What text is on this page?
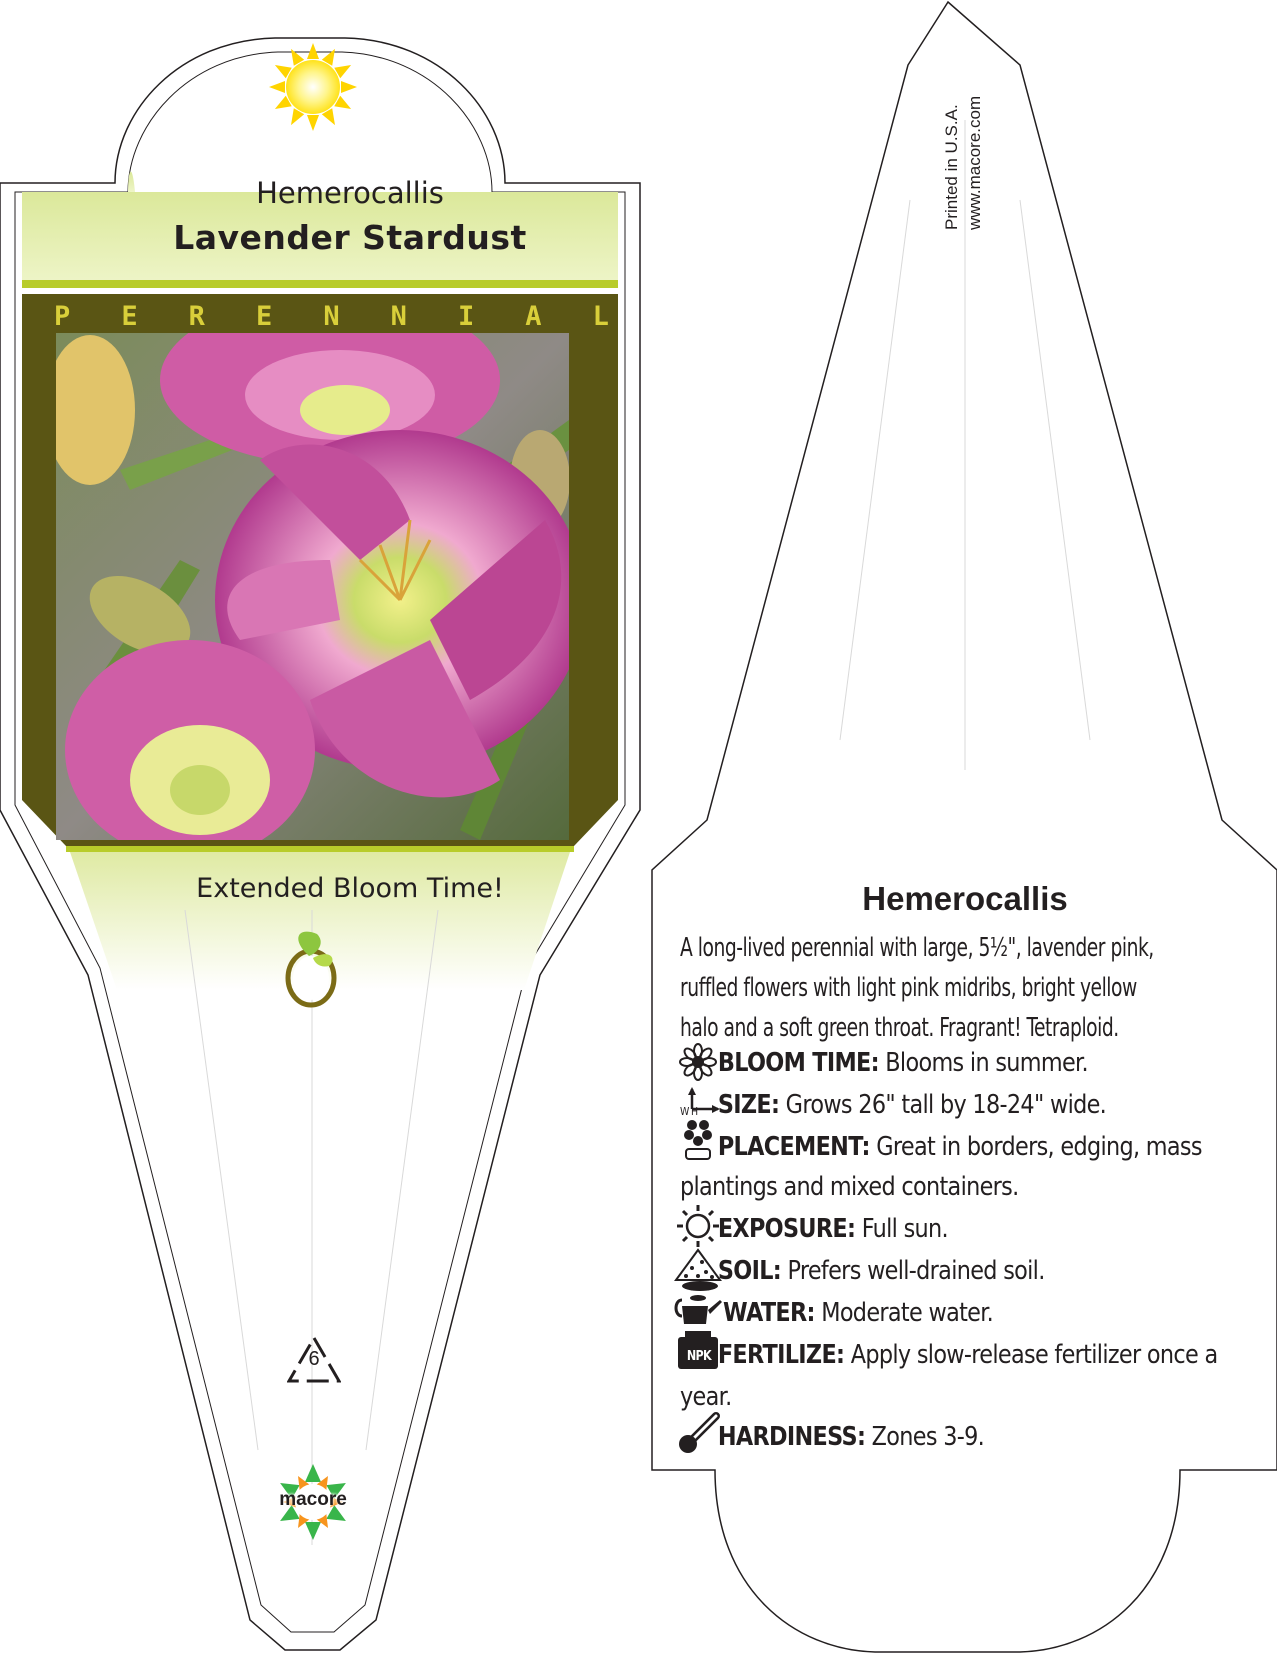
6
macore
Hemerocallis
Lavender Stardust
P E R E N N I A L
Extended Bloom Time!
Printed in U.S.A. www.macore.com
Hemerocallis
A long-lived perennial with large, 5½", lavender pink,
ruffled flowers with light pink midribs, bright yellow
halo and a soft green throat. Fragrant! Tetraploid.
BLOOM TIME: Blooms in summer.
W H SIZE: Grows 26" tall by 18-24" wide.
PLACEMENT: Great in borders, edging, mass
plantings and mixed containers.
EXPOSURE: Full sun.
SOIL: Prefers well-drained soil.
WATER: Moderate water.
NPK FERTILIZE: Apply slow-release fertilizer once a
year.
HARDINESS: Zones 3-9.
